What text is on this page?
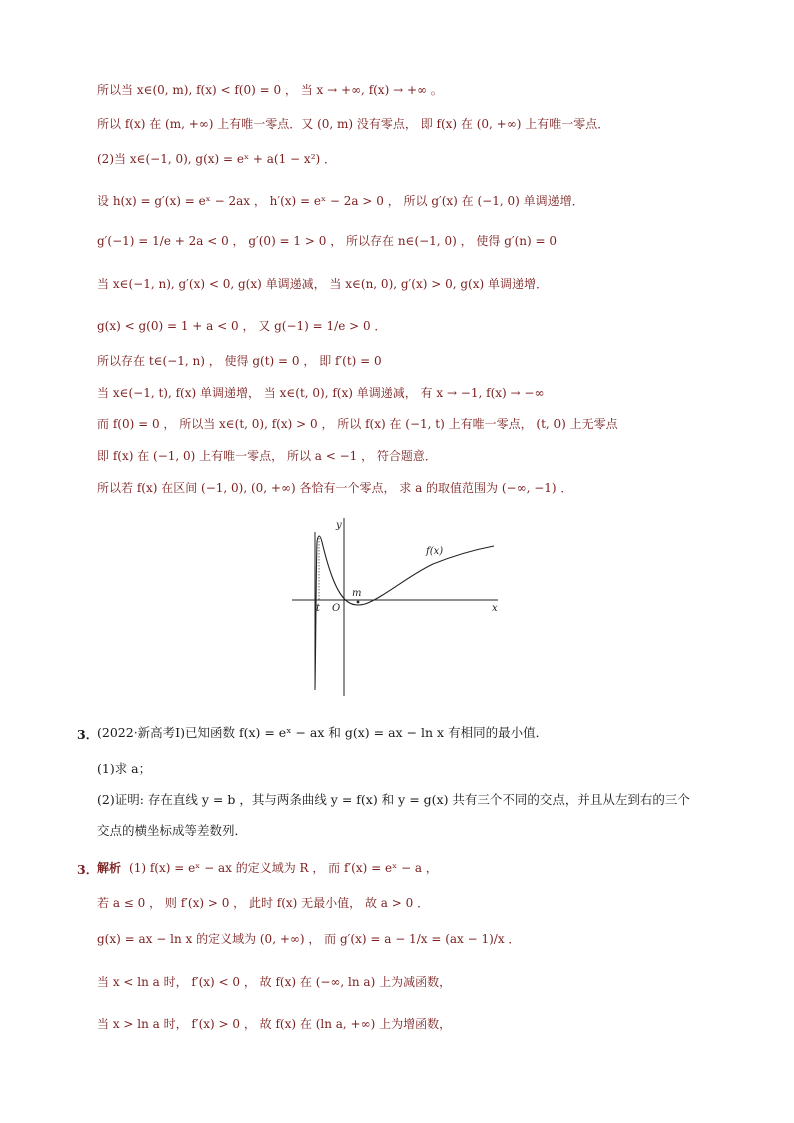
所以当 x∈(0, m), f(x) < f(0) = 0 ， 当 x → +∞, f(x) → +∞ 。
所以 f(x) 在 (m, +∞) 上有唯一零点．又 (0, m) 没有零点， 即 f(x) 在 (0, +∞) 上有唯一零点．
(2)当 x∈(−1, 0), g(x) = eˣ + a(1 − x²) ．
设 h(x) = g′(x) = eˣ − 2ax ， h′(x) = eˣ − 2a > 0 ， 所以 g′(x) 在 (−1, 0) 单调递增．
g′(−1) = 1/e + 2a < 0 ， g′(0) = 1 > 0 ， 所以存在 n∈(−1, 0) ， 使得 g′(n) = 0
当 x∈(−1, n), g′(x) < 0, g(x) 单调递减， 当 x∈(n, 0), g′(x) > 0, g(x) 单调递增．
g(x) < g(0) = 1 + a < 0 ， 又 g(−1) = 1/e > 0 ．
所以存在 t∈(−1, n) ， 使得 g(t) = 0 ， 即 f′(t) = 0
当 x∈(−1, t), f(x) 单调递增， 当 x∈(t, 0), f(x) 单调递减， 有 x → −1, f(x) → −∞
而 f(0) = 0 ， 所以当 x∈(t, 0), f(x) > 0 ， 所以 f(x) 在 (−1, t) 上有唯一零点， (t, 0) 上无零点
即 f(x) 在 (−1, 0) 上有唯一零点， 所以 a < −1 ， 符合题意．
所以若 f(x) 在区间 (−1, 0), (0, +∞) 各恰有一个零点， 求 a 的取值范围为 (−∞, −1) ．
y
x
O
t
m
f(x)
3．
(2022·新高考Ⅰ)已知函数 f(x) = eˣ − ax 和 g(x) = ax − ln x 有相同的最小值．
(1)求 a；
(2)证明: 存在直线 y = b ，其与两条曲线 y = f(x) 和 y = g(x) 共有三个不同的交点，并且从左到右的三个
交点的横坐标成等差数列．
3．
解析 (1) f(x) = eˣ − ax 的定义域为 R ， 而 f′(x) = eˣ − a ，
若 a ≤ 0 ， 则 f′(x) > 0 ， 此时 f(x) 无最小值， 故 a > 0 ．
g(x) = ax − ln x 的定义域为 (0, +∞) ， 而 g′(x) = a − 1/x = (ax − 1)/x ．
当 x < ln a 时， f′(x) < 0 ， 故 f(x) 在 (−∞, ln a) 上为减函数，
当 x > ln a 时， f′(x) > 0 ， 故 f(x) 在 (ln a, +∞) 上为增函数，
